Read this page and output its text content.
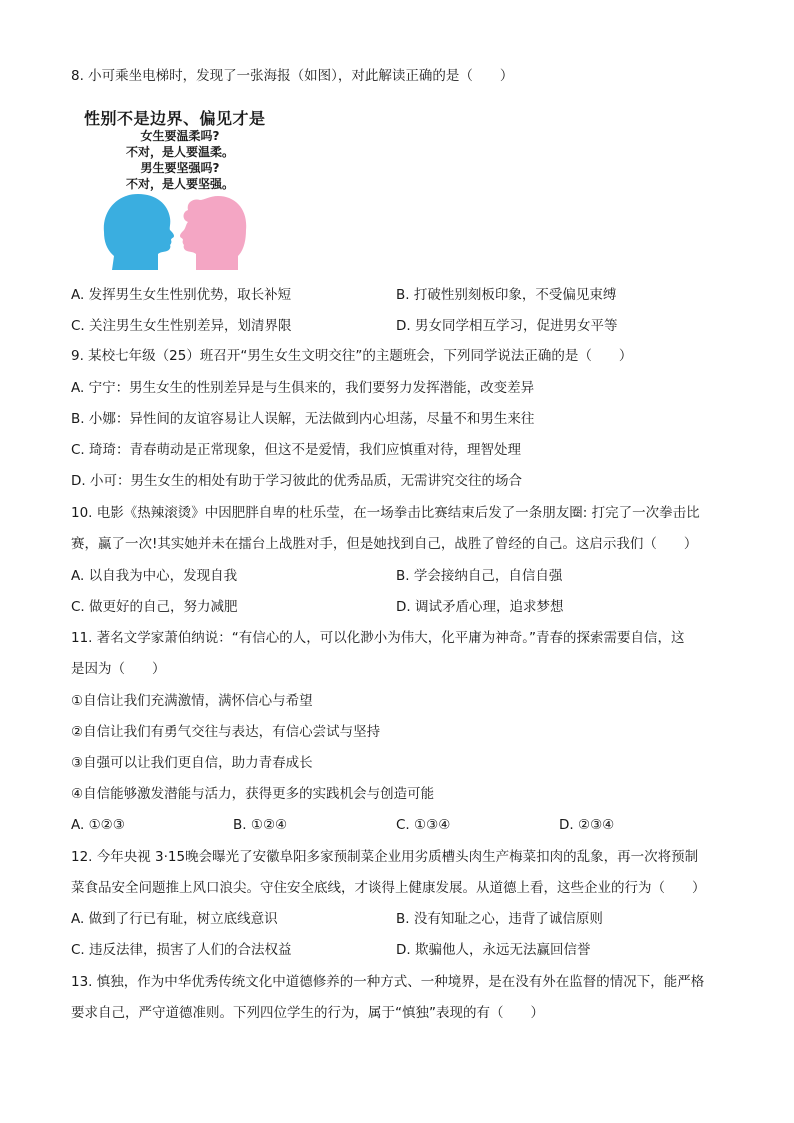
8. 小可乘坐电梯时，发现了一张海报（如图），对此解读正确的是（　　）
性别不是边界、偏见才是
女生要温柔吗?
不对，是人要温柔。
男生要坚强吗?
不对，是人要坚强。
A. 发挥男生女生性别优势，取长补短	B. 打破性别刻板印象，不受偏见束缚
C. 关注男生女生性别差异，划清界限	D. 男女同学相互学习，促进男女平等
9. 某校七年级（25）班召开“男生女生文明交往”的主题班会，下列同学说法正确的是（　　）
A. 宁宁：男生女生的性别差异是与生俱来的，我们要努力发挥潜能，改变差异
B. 小娜：异性间的友谊容易让人误解，无法做到内心坦荡，尽量不和男生来往
C. 琦琦：青春萌动是正常现象，但这不是爱情，我们应慎重对待，理智处理
D. 小可：男生女生的相处有助于学习彼此的优秀品质，无需讲究交往的场合
10. 电影《热辣滚烫》中因肥胖自卑的杜乐莹，在一场拳击比赛结束后发了一条朋友圈: 打完了一次拳击比
赛，赢了一次!其实她并未在擂台上战胜对手，但是她找到自己，战胜了曾经的自己。这启示我们（　　）
A. 以自我为中心，发现自我	B. 学会接纳自己，自信自强
C. 做更好的自己，努力减肥	D. 调试矛盾心理，追求梦想
11. 著名文学家萧伯纳说：“有信心的人，可以化渺小为伟大，化平庸为神奇。”青春的探索需要自信，这
是因为（　　）
①自信让我们充满激情，满怀信心与希望
②自信让我们有勇气交往与表达，有信心尝试与坚持
③自强可以让我们更自信，助力青春成长
④自信能够激发潜能与活力，获得更多的实践机会与创造可能
A. ①②③	B. ①②④	C. ①③④	D. ②③④
12. 今年央视 3·15晚会曝光了安徽阜阳多家预制菜企业用劣质槽头肉生产梅菜扣肉的乱象，再一次将预制
菜食品安全问题推上风口浪尖。守住安全底线，才谈得上健康发展。从道德上看，这些企业的行为（　　）
A. 做到了行已有耻，树立底线意识	B. 没有知耻之心，违背了诚信原则
C. 违反法律，损害了人们的合法权益	D. 欺骗他人，永远无法赢回信誉
13. 慎独，作为中华优秀传统文化中道德修养的一种方式、一种境界，是在没有外在监督的情况下，能严格
要求自己，严守道德准则。下列四位学生的行为，属于“慎独”表现的有（　　）
